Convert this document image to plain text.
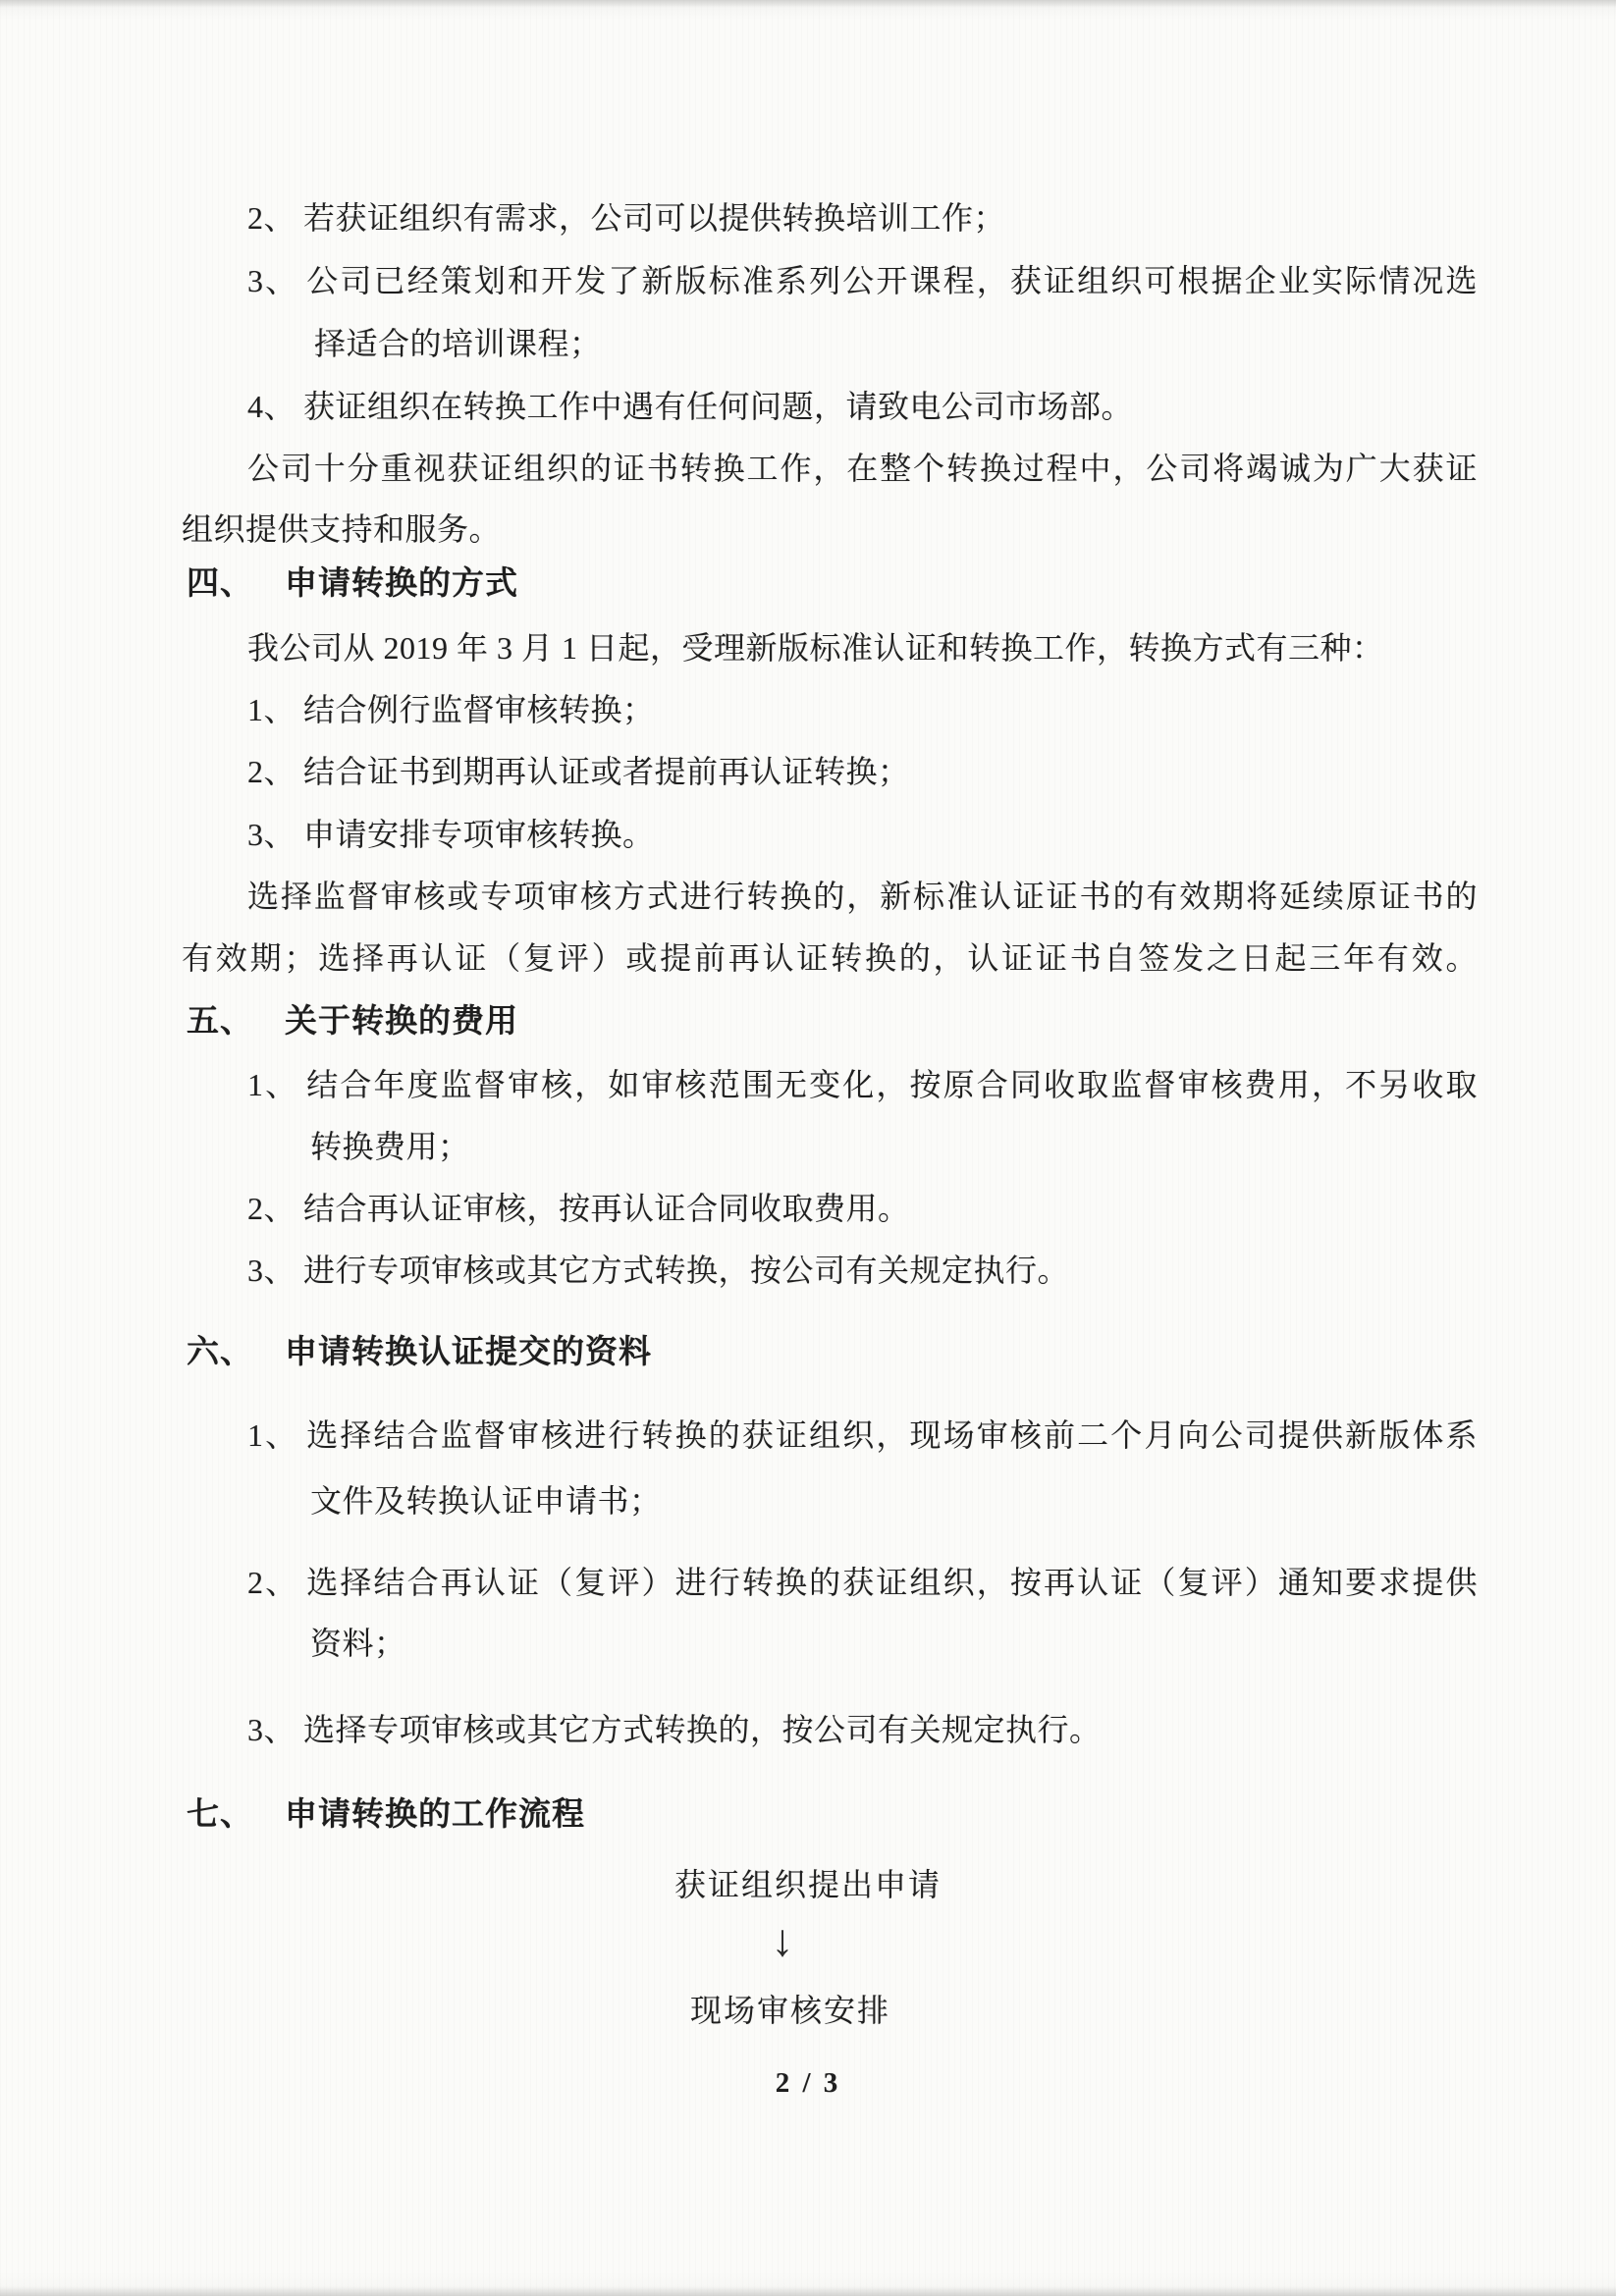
2、 若获证组织有需求，公司可以提供转换培训工作；
3、 公司已经策划和开发了新版标准系列公开课程，获证组织可根据企业实际情况选
择适合的培训课程；
4、 获证组织在转换工作中遇有任何问题，请致电公司市场部。
公司十分重视获证组织的证书转换工作，在整个转换过程中，公司将竭诚为广大获证
组织提供支持和服务。
四、 申请转换的方式
我公司从 2019 年 3 月 1 日起，受理新版标准认证和转换工作，转换方式有三种：
1、 结合例行监督审核转换；
2、 结合证书到期再认证或者提前再认证转换；
3、 申请安排专项审核转换。
选择监督审核或专项审核方式进行转换的，新标准认证证书的有效期将延续原证书的
有效期；选择再认证（复评）或提前再认证转换的，认证证书自签发之日起三年有效。
五、 关于转换的费用
1、 结合年度监督审核，如审核范围无变化，按原合同收取监督审核费用，不另收取
转换费用；
2、 结合再认证审核，按再认证合同收取费用。
3、 进行专项审核或其它方式转换，按公司有关规定执行。
六、 申请转换认证提交的资料
1、 选择结合监督审核进行转换的获证组织，现场审核前二个月向公司提供新版体系
文件及转换认证申请书；
2、 选择结合再认证（复评）进行转换的获证组织，按再认证（复评）通知要求提供
资料；
3、 选择专项审核或其它方式转换的，按公司有关规定执行。
七、 申请转换的工作流程
获证组织提出申请
↓
现场审核安排
2 / 3
